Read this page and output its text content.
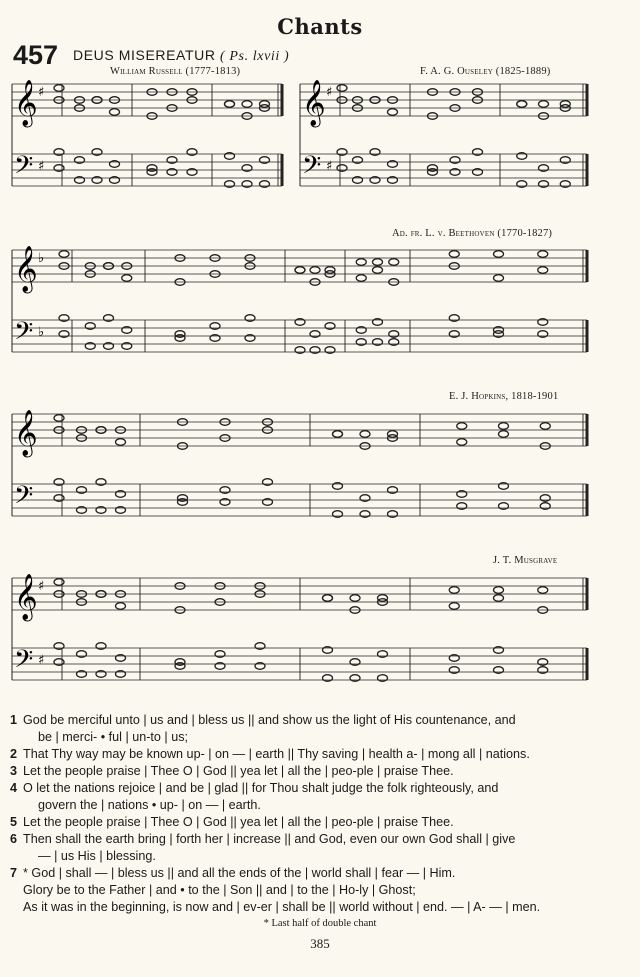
Chants
457 DEUS MISEREATUR ( Ps. lxvii )
William Russell (1777-1813)	F. A. G. Ouseley (1825-1889)
Ad. fr. L. v. Beethoven (1770-1827)
E. J. Hopkins, 1818-1901
J. T. Musgrave
𝄞
𝄢
♯
♯
𝄞
𝄢
♯
♯
𝄞
𝄢
♭
♭
𝄞
𝄢
𝄞
𝄢
♯
♯

1 God be merciful unto | us and | bless us || and show us the light of His countenance, and

be | merci- • ful | un-to | us;

2 That Thy way may be known up- | on — | earth || Thy saving | health a- | mong all | nations.

3 Let the people praise | Thee O | God || yea let | all the | peo-ple | praise Thee.

4 O let the nations rejoice | and be | glad || for Thou shalt judge the folk righteously, and

govern the | nations • up- | on — | earth.

5 Let the people praise | Thee O | God || yea let | all the | peo-ple | praise Thee.

6 Then shall the earth bring | forth her | increase || and God, even our own God shall | give

— | us His | blessing.

7 * God | shall — | bless us || and all the ends of the | world shall | fear — | Him.

Glory be to the Father | and • to the | Son || and | to the | Ho-ly | Ghost;

As it was in the beginning, is now and | ev-er | shall be || world without | end. — | A- — | men.

* Last half of double chant
385
